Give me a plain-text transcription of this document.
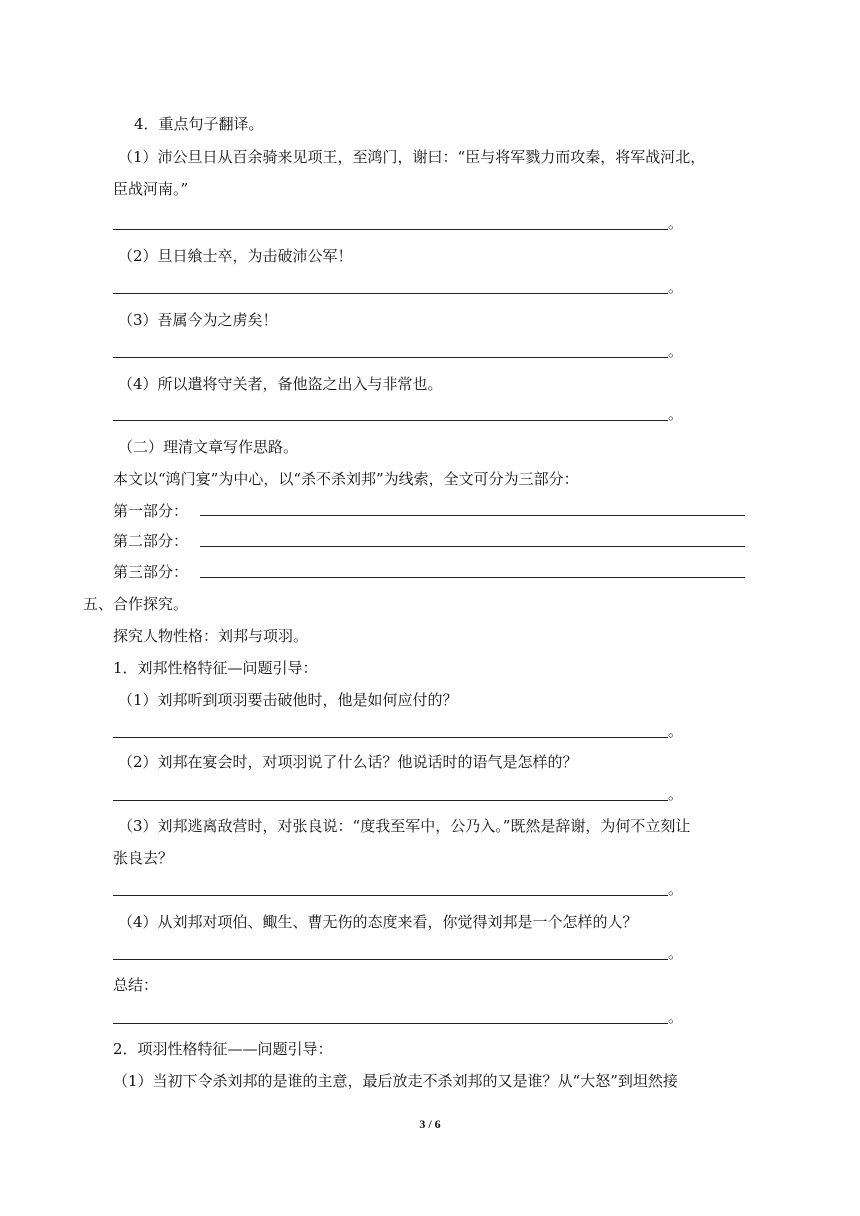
4．重点句子翻译。
（1）沛公旦日从百余骑来见项王，至鸿门，谢曰：“臣与将军戮力而攻秦，将军战河北，
臣战河南。”
。
（2）旦日飨士卒，为击破沛公军！
。
（3）吾属今为之虏矣！
。
（4）所以遣将守关者，备他盗之出入与非常也。
。
（二）理清文章写作思路。
本文以“鸿门宴”为中心，以“杀不杀刘邦”为线索，全文可分为三部分：
第一部分：
第二部分：
第三部分：
五、合作探究。
探究人物性格：刘邦与项羽。
1．刘邦性格特征—问题引导：
（1）刘邦听到项羽要击破他时，他是如何应付的？
。
（2）刘邦在宴会时，对项羽说了什么话？他说话时的语气是怎样的？
。
（3）刘邦逃离敌营时，对张良说：“度我至军中，公乃入。”既然是辞谢，为何不立刻让
张良去？
。
（4）从刘邦对项伯、鲰生、曹无伤的态度来看，你觉得刘邦是一个怎样的人？
。
总结：
。
2．项羽性格特征——问题引导：
（1）当初下令杀刘邦的是谁的主意，最后放走不杀刘邦的又是谁？从“大怒”到坦然接
3 / 6
